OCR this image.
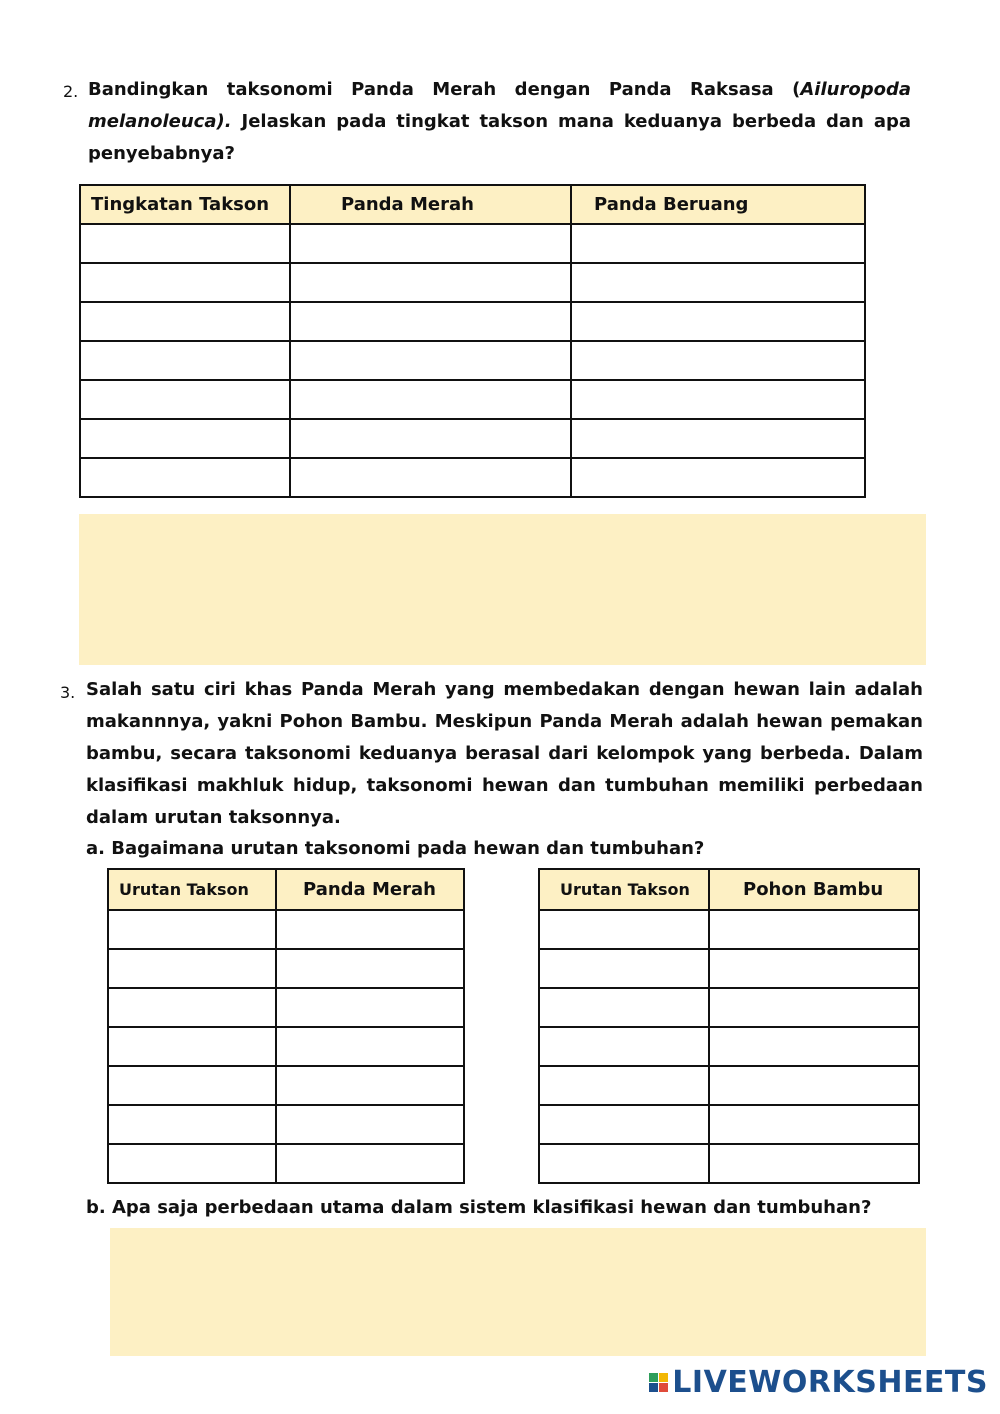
2. Bandingkan taksonomi Panda Merah dengan Panda Raksasa (Ailuropoda melanoleuca). Jelaskan pada tingkat takson mana keduanya berbeda dan apa penyebabnya?

Tingkatan Takson	Panda Merah	Panda Beruang

3. Salah satu ciri khas Panda Merah yang membedakan dengan hewan lain adalah makannnya, yakni Pohon Bambu. Meskipun Panda Merah adalah hewan pemakan bambu, secara taksonomi keduanya berasal dari kelompok yang berbeda. Dalam klasifikasi makhluk hidup, taksonomi hewan dan tumbuhan memiliki perbedaan dalam urutan taksonnya.

a. Bagaimana urutan taksonomi pada hewan dan tumbuhan?
Urutan Takson	Panda Merah

		Urutan Takson	Pohon Bambu

b. Apa saja perbedaan utama dalam sistem klasifikasi hewan dan tumbuhan?
LIVEWORKSHEETS
